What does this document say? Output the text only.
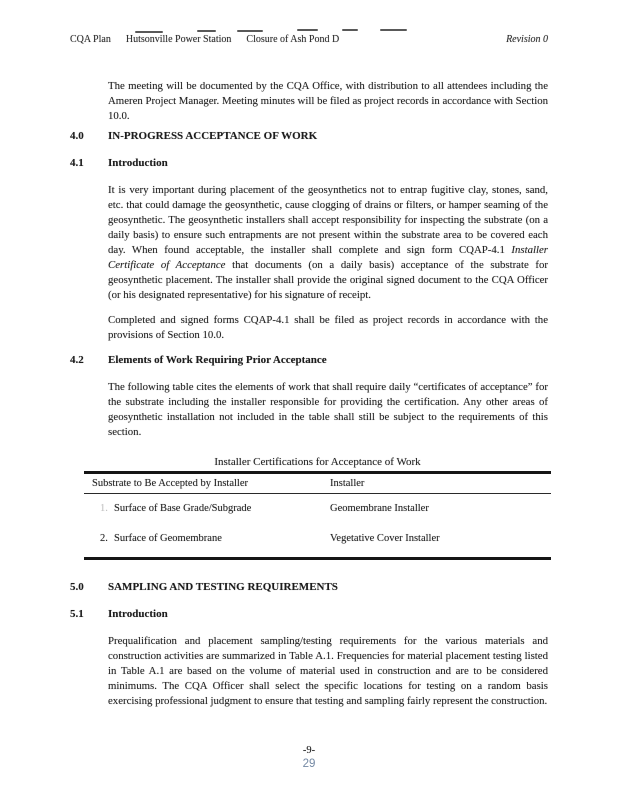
CQA Plan Hutsonville Power Station Closure of Ash Pond D	Revision 0
The meeting will be documented by the CQA Office, with distribution to all attendees including the Ameren Project Manager. Meeting minutes will be filed as project records in accordance with Section 10.0.
4.0 IN-PROGRESS ACCEPTANCE OF WORK
4.1 Introduction
It is very important during placement of the geosynthetics not to entrap fugitive clay, stones, sand, etc. that could damage the geosynthetic, cause clogging of drains or filters, or hamper seaming of the geosynthetic. The geosynthetic installers shall accept responsibility for inspecting the substrate (on a daily basis) to ensure such entrapments are not present within the substrate area to be covered each day. When found acceptable, the installer shall complete and sign form CQAP-4.1 Installer Certificate of Acceptance that documents (on a daily basis) acceptance of the substrate for geosynthetic placement. The installer shall provide the original signed document to the CQA Officer (or his designated representative) for his signature of receipt.
Completed and signed forms CQAP-4.1 shall be filed as project records in accordance with the provisions of Section 10.0.
4.2 Elements of Work Requiring Prior Acceptance
The following table cites the elements of work that shall require daily “certificates of acceptance” for the substrate including the installer responsible for providing the certification. Any other areas of geosynthetic installation not included in the table shall still be subject to the requirements of this section.
Installer Certifications for Acceptance of Work
Substrate to Be Accepted by Installer	Installer
1. Surface of Base Grade/Subgrade	Geomembrane Installer
2. Surface of Geomembrane	Vegetative Cover Installer
5.0 SAMPLING AND TESTING REQUIREMENTS
5.1 Introduction
Prequalification and placement sampling/testing requirements for the various materials and construction activities are summarized in Table A.1. Frequencies for material placement testing listed in Table A.1 are based on the volume of material used in construction and are to be considered minimums. The CQA Officer shall select the specific locations for testing on a random basis exercising professional judgment to ensure that testing and sampling fairly represent the construction.
-9-
29
